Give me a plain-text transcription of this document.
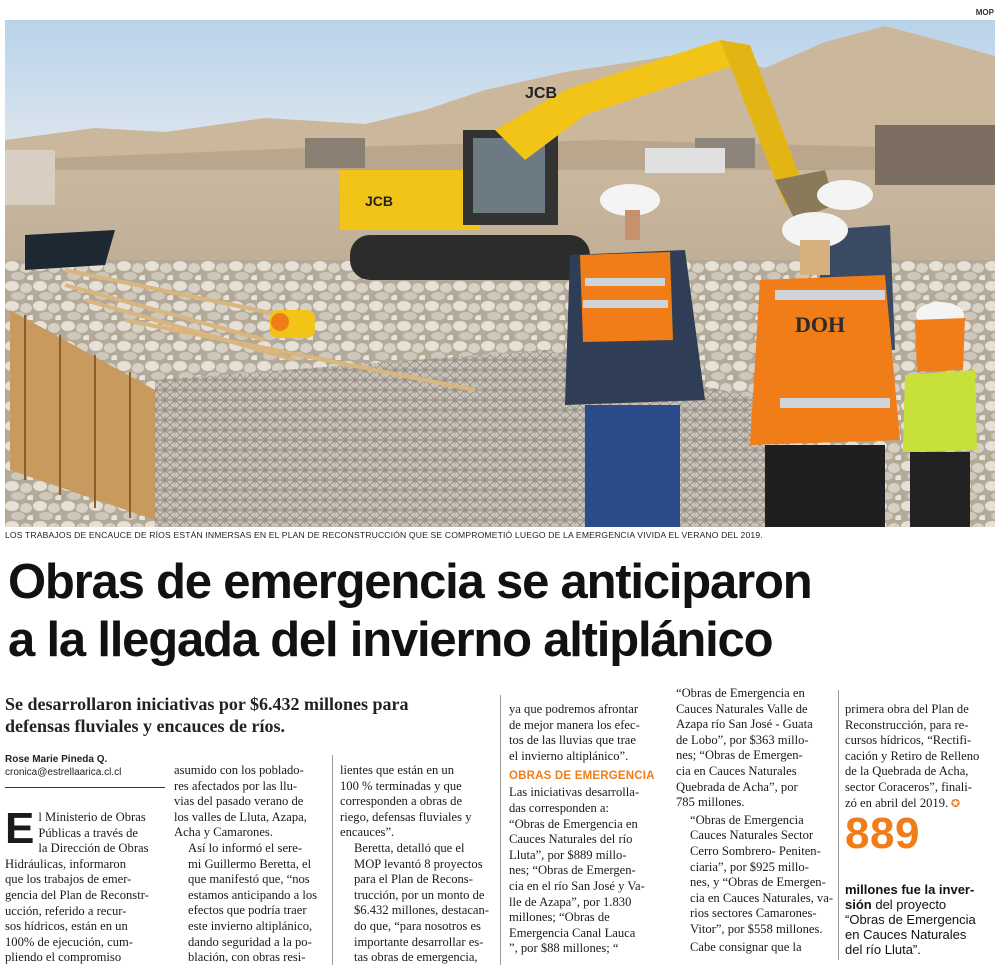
MOP
JCB
JCB
DOH
LOS TRABAJOS DE ENCAUCE DE RÍOS ESTÁN INMERSAS EN EL PLAN DE RECONSTRUCCIÓN QUE SE COMPROMETIÓ LUEGO DE LA EMERGENCIA VIVIDA EL VERANO DEL 2019.
Obras de emergencia se anticiparon
a la llegada del invierno altiplánico
Se desarrollaron iniciativas por $6.432 millones para
defensas fluviales y encauces de ríos.
Rose Marie Pineda Q.
cronica@estrellaarica.cl.cl
E l Ministerio de Obras
Públicas a través de
la Dirección de Obras
Hidráulicas, informaron
que los trabajos de emer-
gencia del Plan de Reconstr-
ucción, referido a recur-
sos hídricos, están en un
100% de ejecución, cum-
pliendo el compromiso

asumido con los poblado-
res afectados por las llu-
vias del pasado verano de
los valles de Lluta, Azapa,
Acha y Camarones.

Así lo informó el sere-
mi Guillermo Beretta, el
que manifestó que, “nos
estamos anticipando a los
efectos que podría traer
este invierno altiplánico,
dando seguridad a la po-
blación, con obras resi-

lientes que están en un
100 % terminadas y que
corresponden a obras de
riego, defensas fluviales y
encauces”.

Beretta, detalló que el
MOP levantó 8 proyectos
para el Plan de Recons-
trucción, por un monto de
$6.432 millones, destacan-
do que, “para nosotros es
importante desarrollar es-
tas obras de emergencia,

ya que podremos afrontar
de mejor manera los efec-
tos de las lluvias que trae
el invierno altiplánico”.

OBRAS DE EMERGENCIA

Las iniciativas desarrolla-
das corresponden a:
“Obras de Emergencia en
Cauces Naturales del río
Lluta”, por $889 millo-
nes; “Obras de Emergen-
cia en el río San José y Va-
lle de Azapa”, por 1.830
millones; “Obras de
Emergencia Canal Lauca
”, por $88 millones; “

“Obras de Emergencia en
Cauces Naturales Valle de
Azapa río San José - Guata
de Lobo”, por $363 millo-
nes; “Obras de Emergen-
cia en Cauces Naturales
Quebrada de Acha”, por
785 millones.

“Obras de Emergencia
Cauces Naturales Sector
Cerro Sombrero- Peniten-
ciaria”, por $925 millo-
nes, y “Obras de Emergen-
cia en Cauces Naturales, va-
rios sectores Camarones-
Vitor”, por $558 millones.

Cabe consignar que la

primera obra del Plan de
Reconstrucción, para re-
cursos hídricos, “Rectifi-
cación y Retiro de Relleno
de la Quebrada de Acha,
sector Coraceros”, finali-
zó en abril del 2019. ✪

889
millones fue la inver-
sión del proyecto
“Obras de Emergencia
en Cauces Naturales
del río Lluta”.
